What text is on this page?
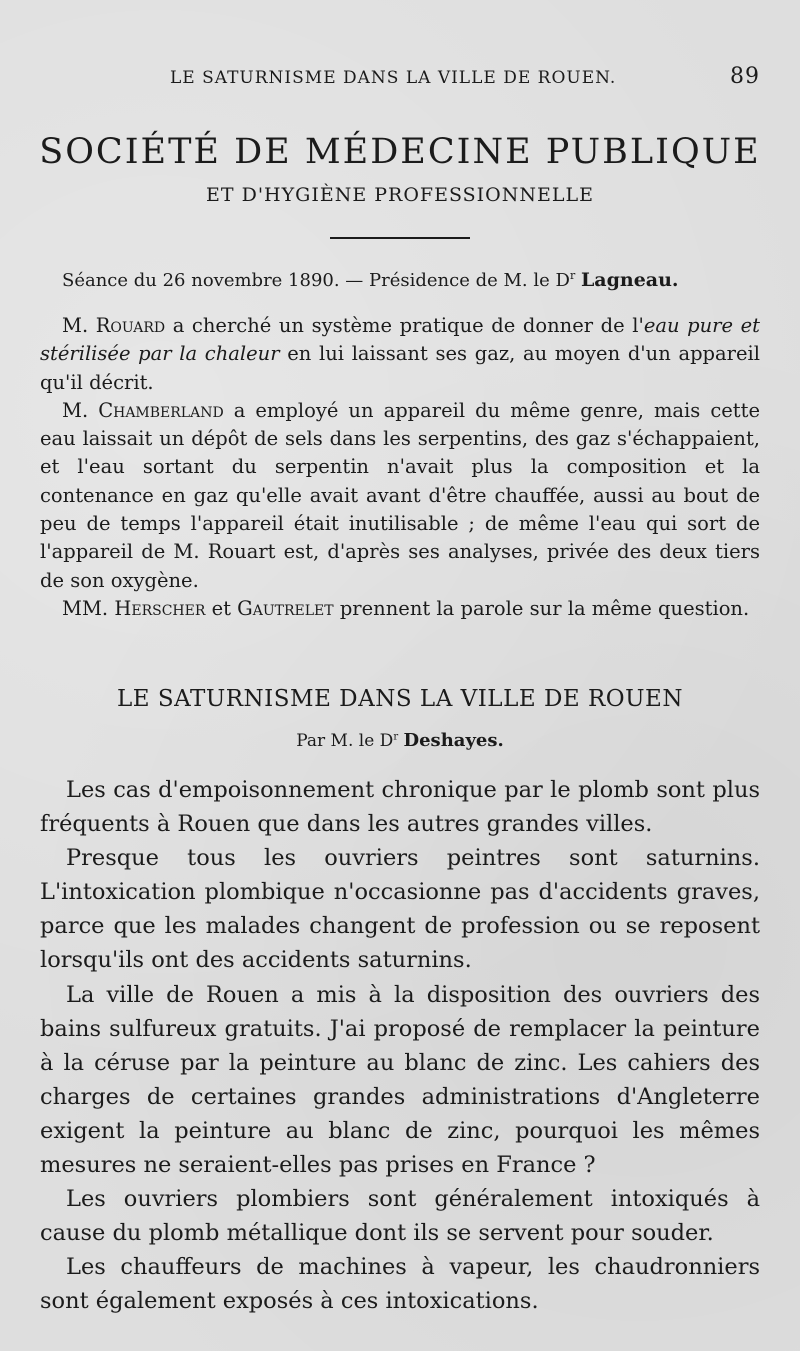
LE SATURNISME DANS LA VILLE DE ROUEN.	89
SOCIÉTÉ DE MÉDECINE PUBLIQUE
ET D'HYGIÈNE PROFESSIONNELLE
Séance du 26 novembre 1890. — Présidence de M. le $D^r$ Lagneau.

M. Rouard a cherché un système pratique de donner de l'eau pure et stérilisée par la chaleur en lui laissant ses gaz, au moyen d'un appareil qu'il décrit.

M. Chamberland a employé un appareil du même genre, mais cette eau laissait un dépôt de sels dans les serpentins, des gaz s'échappaient, et l'eau sortant du serpentin n'avait plus la composition et la contenance en gaz qu'elle avait avant d'être chauffée, aussi au bout de peu de temps l'appareil était inutilisable ; de même l'eau qui sort de l'appareil de M. Rouart est, d'après ses analyses, privée des deux tiers de son oxygène.

MM. Herscher et Gautrelet prennent la parole sur la même question.

LE SATURNISME DANS LA VILLE DE ROUEN
Par M. le $D^r$ Deshayes.

Les cas d'empoisonnement chronique par le plomb sont plus fréquents à Rouen que dans les autres grandes villes.

Presque tous les ouvriers peintres sont saturnins. L'intoxication plombique n'occasionne pas d'accidents graves, parce que les malades changent de profession ou se reposent lorsqu'ils ont des accidents saturnins.

La ville de Rouen a mis à la disposition des ouvriers des bains sulfureux gratuits. J'ai proposé de remplacer la peinture à la céruse par la peinture au blanc de zinc. Les cahiers des charges de certaines grandes administrations d'Angleterre exigent la peinture au blanc de zinc, pourquoi les mêmes mesures ne seraient-elles pas prises en France ?

Les ouvriers plombiers sont généralement intoxiqués à cause du plomb métallique dont ils se servent pour souder.

Les chauffeurs de machines à vapeur, les chaudronniers sont également exposés à ces intoxications.
